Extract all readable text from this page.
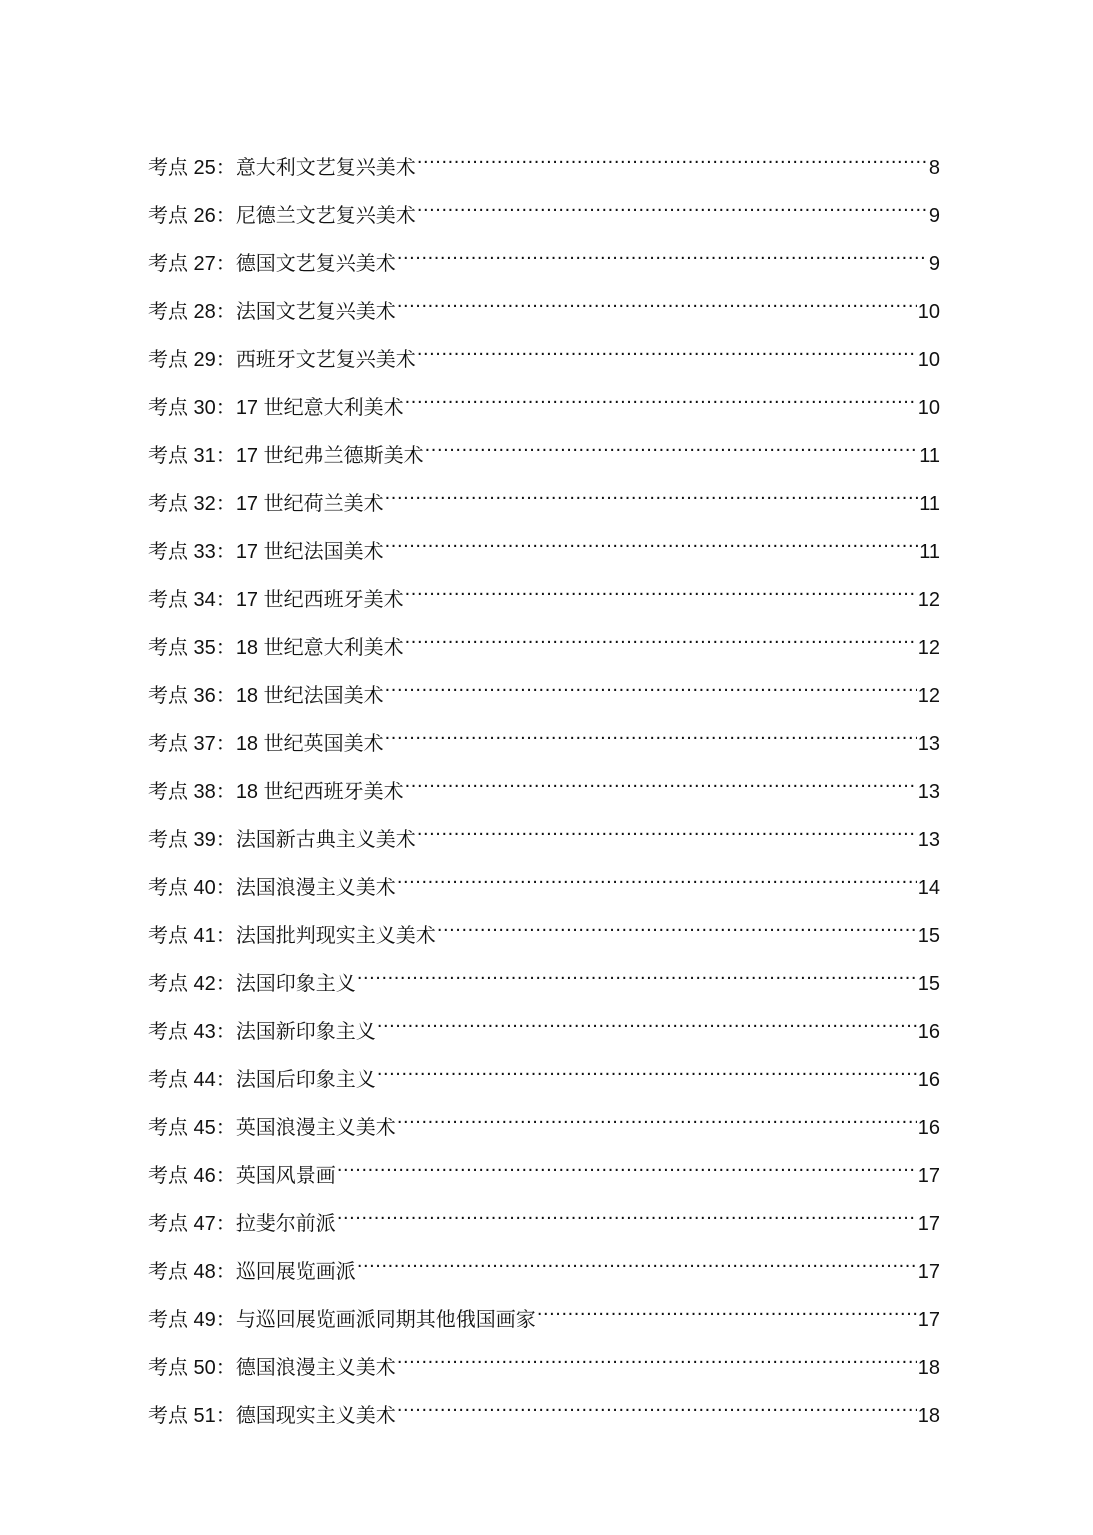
考点 25： 意大利文艺复兴美术 .....	8
考点 26： 尼德兰文艺复兴美术 .....	9
考点 27： 德国文艺复兴美术 .....	9
考点 28： 法国文艺复兴美术 .....	10
考点 29： 西班牙文艺复兴美术 .....	10
考点 30： 17 世纪意大利美术 .....	10
考点 31： 17 世纪弗兰德斯美术 .....	11
考点 32： 17 世纪荷兰美术 .....	11
考点 33： 17 世纪法国美术 .....	11
考点 34： 17 世纪西班牙美术 .....	12
考点 35： 18 世纪意大利美术 .....	12
考点 36： 18 世纪法国美术 .....	12
考点 37： 18 世纪英国美术 .....	13
考点 38： 18 世纪西班牙美术 .....	13
考点 39： 法国新古典主义美术 .....	13
考点 40： 法国浪漫主义美术 .....	14
考点 41： 法国批判现实主义美术 .....	15
考点 42： 法国印象主义 .....	15
考点 43： 法国新印象主义 .....	16
考点 44： 法国后印象主义 .....	16
考点 45： 英国浪漫主义美术 .....	16
考点 46： 英国风景画 .....	17
考点 47： 拉斐尔前派 .....	17
考点 48： 巡回展览画派 .....	17
考点 49： 与巡回展览画派同期其他俄国画家 .....	17
考点 50： 德国浪漫主义美术 .....	18
考点 51： 德国现实主义美术 .....	18
